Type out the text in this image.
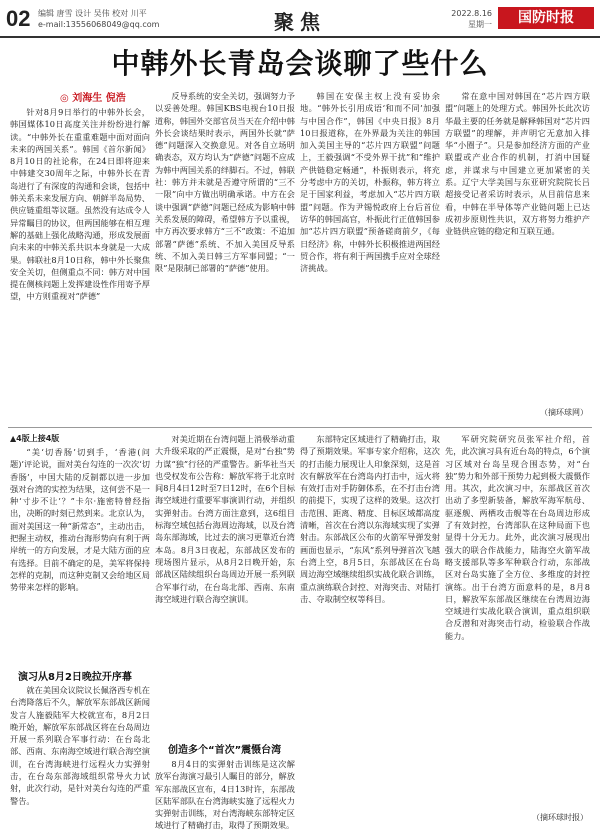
02 编辑 唐雪 设计 吴伟 校对 川平
e-mail:13556068049@qq.com	聚焦	2022.8.16
星期一	国防时报
中韩外长青岛会谈聊了些什么
◎ 刘海生 倪浩

针对8月9日举行的中韩外长会，韩国媒体10日高度关注并纷纷进行解读。“中韩外长在重重难题中面对面向未来的两国关系”。韩国《首尔新闻》8月10日的社论称，在24日即将迎来中韩建交30周年之际，中韩外长在青岛进行了有深度的沟通和会谈，包括中韩关系未来发展方向、朝鲜半岛局势、供应链重组等议题。虽然没有达成令人异常瞩目的协议，但两国能够在相互理解的基础上强化战略沟通，形成发展面向未来的中韩关系共识本身就是一大成果。韩联社8月10日称，韩中外长聚焦安全关切，但侧重点不同：韩方对中国提在侧核问题上发挥建设性作用寄予厚望，中方则重视对“萨德”

反导系统的安全关切，强调努力予以妥善处理。韩国KBS电视台10日报道称，韩国外交部官员当天在介绍中韩外长会谈结果时表示，两国外长就“萨德”问题深入交换意见。对各自立场明确表态，双方均认为“萨德”问题不应成为韩中两国关系的绊脚石。不过，韩联社：韩方并未就是否遵守所谓的“三不一限”向中方做出明确承诺。中方在会谈中强调“萨德”问题已经成为影响中韩关系发展的障碍，希望韩方予以重视，中方再次要求韩方“三不”政策：不追加部署“萨德”系统、不加入美国反导系统、不加入美日韩三方军事同盟；“一限”是限制已部署的“萨德”使用。

韩国在安保主权上没有妥协余地。“韩外长引用成语‘和而不同’加强与中国合作”，韩国《中央日报》8月10日报道称，在外界最为关注的韩国加入美国主导的“芯片四方联盟”问题上，王毅强调“不受外界干扰”和“维护产供链稳定畅通”，朴振则表示，将充分考虑中方的关切，朴振称，韩方将立足于国家利益，考虑加入“芯片四方联盟”问题。作为尹锡悦政府上台后首位访华的韩国高官，朴振此行正值韩国参加“芯片四方联盟”预备磋商前夕，《每日经济》称，中韩外长积极推进两国经贸合作，将有利于两国携手应对全球经济挑战。

常在意中国对韩国在“芯片四方联盟”问题上的处理方式。韩国外长此次访华最主要的任务就是解释韩国对“芯片四方联盟”的理解，并声明它无意加入排华“小圈子”。只是参加经济方面的产业联盟或产业合作的机制，打消中国疑虑，并谋求与中国建立更加紧密的关系。辽宁大学美国与东亚研究院院长吕超接受记者采访时表示，从目前信息来看，中韩在半导体等产业链问题上已达成初步原则性共识，双方将努力维护产业链供应链的稳定和互联互通。

（摘环球网）
▲4版上接4版

“美‘切香肠’切到手，‘香港(问题)’评论说，面对美台勾连的一次次‘切香肠’，中国大陆的反制都以进一步加强对台湾的实控为结果，这何尝不是一种‘寸步不让’？”卡尔·施密特曾经指出，决断的时刻已然到来。北京认为，面对美国这一种“新常态”，主动出击，把握主动权，推动台海形势向有利于两岸统一的方向发展，才是大陆方面的应有选择。目前不确定的是，美军将保持怎样的克制，而这种克制又会给地区局势带来怎样的影响。

演习从8月2日晚拉开序幕

就在美国众议院议长佩洛西专机在台湾降落后不久，解放军东部战区新闻发言人施毅陆军大校就宣布，8月2日晚开始，解放军东部战区将在台岛周边开展一系列联合军事行动：在台岛北部、西南、东南海空域进行联合海空演训，在台湾海峡进行远程火力实弹射击，在台岛东部海域组织常导火力试射，此次行动，是针对美台勾连的严重警告。

对美近期在台湾问题上消极举动重大升级采取的严正震慑，是对“台独”势力谋“独”行径的严重警告。新华社当天也受权发布公告称：解放军将于北京时间8月4日12时至7日12时，在6个目标海空域进行重要军事演训行动，并组织实弹射击。台湾方面注意到，这6组目标海空域包括台海周边海域，以及台湾岛东部海域，比过去的演习更靠近台湾本岛。8月3日夜起，东部战区发布的现场图片显示，从8月2日晚开始，东部战区陆续组织台岛周边开展一系列联合军事行动，在台岛北部、西南、东南海空域进行联合海空演训。

创造多个“首次”震慑台湾

8月4日的实弹射击训练是这次解放军台海演习最引人瞩目的部分，解放军东部战区宣布，4日13时许，东部战区陆军部队在台湾海峡实施了远程火力实弹射击训练，对台湾海峡东部特定区域进行了精确打击，取得了预期效果。

东部特定区域进行了精确打击，取得了预期效果。军事专家介绍称，这次的打击能力展现让人印象深刻，这是首次有解放军在台湾岛内打击中，远火将有效打击对手防御体系，在不打击台湾的前提下，实现了这样的效果。这次打击范围、距离、精度、目标区域都高度清晰，首次在台湾以东海域实现了实弹射击。东部战区公布的火箭军导弹发射画面也显示，“东风”系列导弹首次飞越台湾上空，8月5日，东部战区在台岛周边海空域继续组织实战化联合训练，重点演练联合封控、对海突击、对陆打击、夺取制空权等科目。

军研究院研究员张军社介绍，首先，此次演习具有近台岛的特点，6个演习区域对台岛呈现合围态势，对“台独”势力和外部干预势力起到极大震慑作用。其次，此次演习中，东部战区首次出动了多型新装备，解放军海军航母、驱逐舰、两栖攻击舰等在台岛周边形成了有效封控，台湾部队在这种局面下也显得十分无力。此外，此次演习展现出强大的联合作战能力，陆海空火箭军战略支援部队等多军种联合行动，东部战区对台岛实施了全方位、多维度的封控演练。出于台湾方面意料的是，8月8日，解放军东部战区继续在台湾周边海空域进行实战化联合演训，重点组织联合反潜和对海突击行动，检验联合作战能力。

（摘环球时报）
